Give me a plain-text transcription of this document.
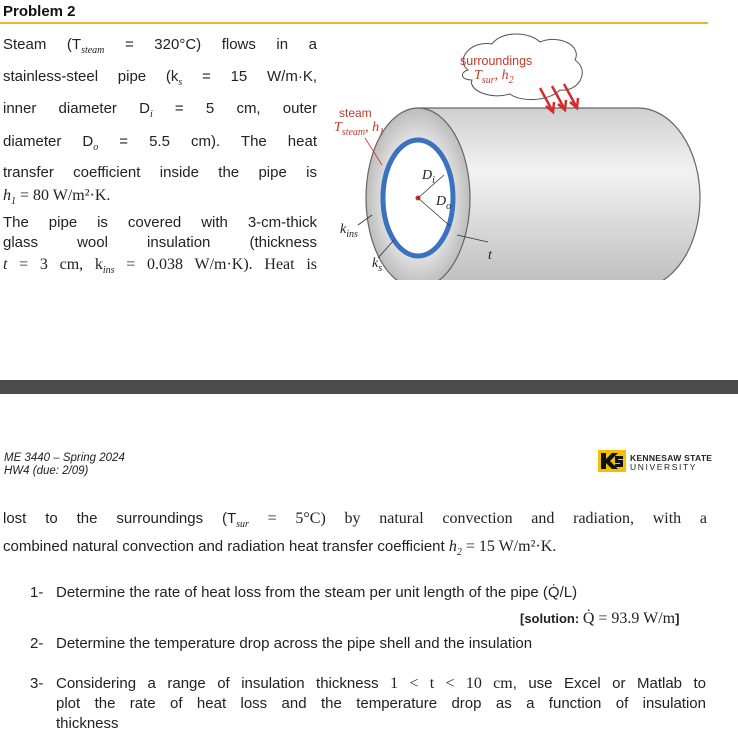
Problem 2

Steam $(T_{steam} = 320^\circ C)$ flows in a

stainless-steel pipe ($k_s = 15$ W/m·K,

inner diameter $D_i = 5$ cm, outer

diameter $D_o = 5.5$ cm). The heat

transfer coefficient inside the pipe is

$h_1 = 80$ W/m²·K.

The pipe is covered with 3-cm-thick

glass wool insulation (thickness

t = 3 cm, $k_{ins} = 0.038$ W/m·K). Heat is

surroundings
$T_{sur}$, $h_2$
steam
$T_{steam}$, $h_1$
$D_i$
$D_o$
$k_{ins}$
$k_s$
t
ME 3440 – Spring 2024
HW4 (due: 2/09)
KENNESAW STATE
UNIVERSITY
lost to the surroundings $(T_{sur} = 5^\circ C)$ by natural convection and radiation, with a
combined natural convection and radiation heat transfer coefficient $h_2 = 15$ W/m²·K.
1- Determine the rate of heat loss from the steam per unit length of the pipe (Q̇/L)
[solution: Q̇ = 93.9 W/m]
2- Determine the temperature drop across the pipe shell and the insulation
3- Considering a range of insulation thickness 1 < t < 10 cm, use Excel or Matlab to
plot the rate of heat loss and the temperature drop as a function of insulation
thickness
